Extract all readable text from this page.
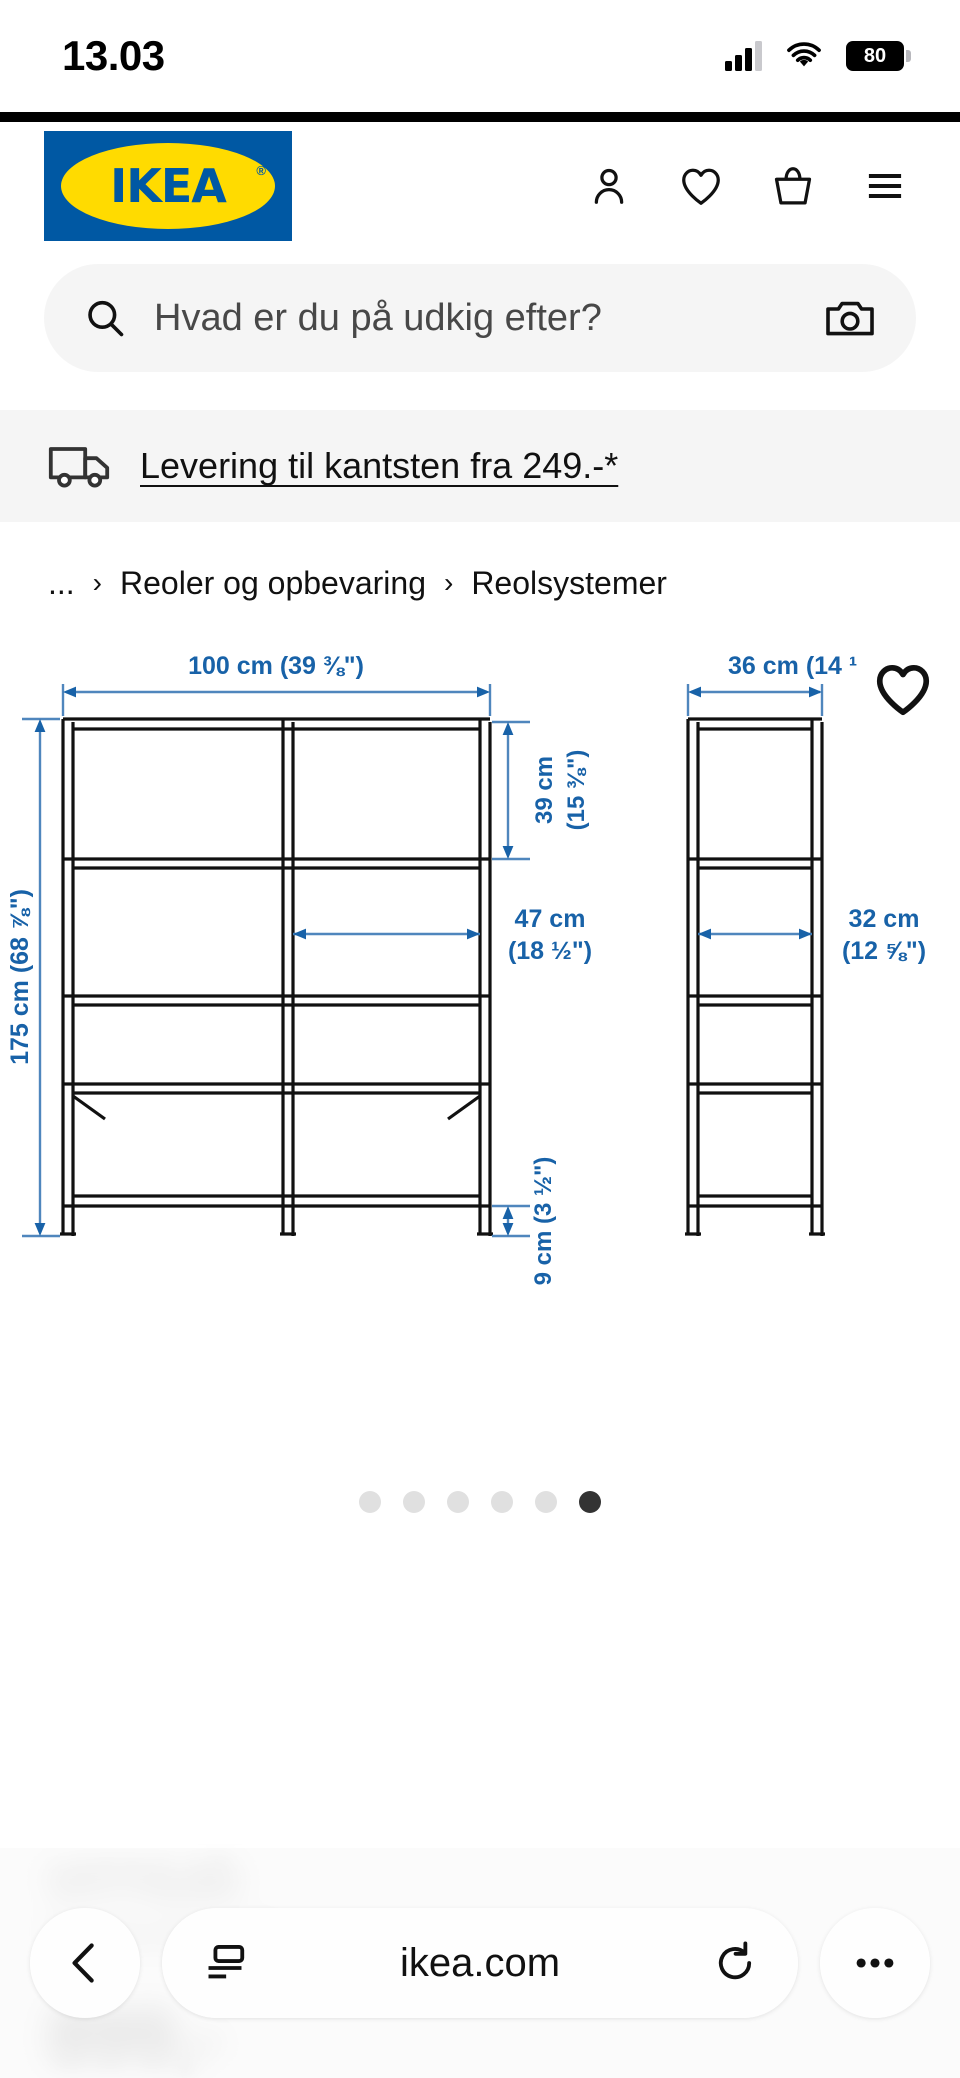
13.03	80
IKEA ®
Hvad er du på udkig efter?
Levering til kantsten fra 249.-*
... › Reoler og opbevaring › Reolsystemer
100 cm (39 ⅜")
175 cm (68 ⅞")
39 cm (15 ⅜")
47 cm
(18 ½")
9 cm (3 ½")
36 cm (14 ¹
32 cm
(12 ⅝")
ikea.com
